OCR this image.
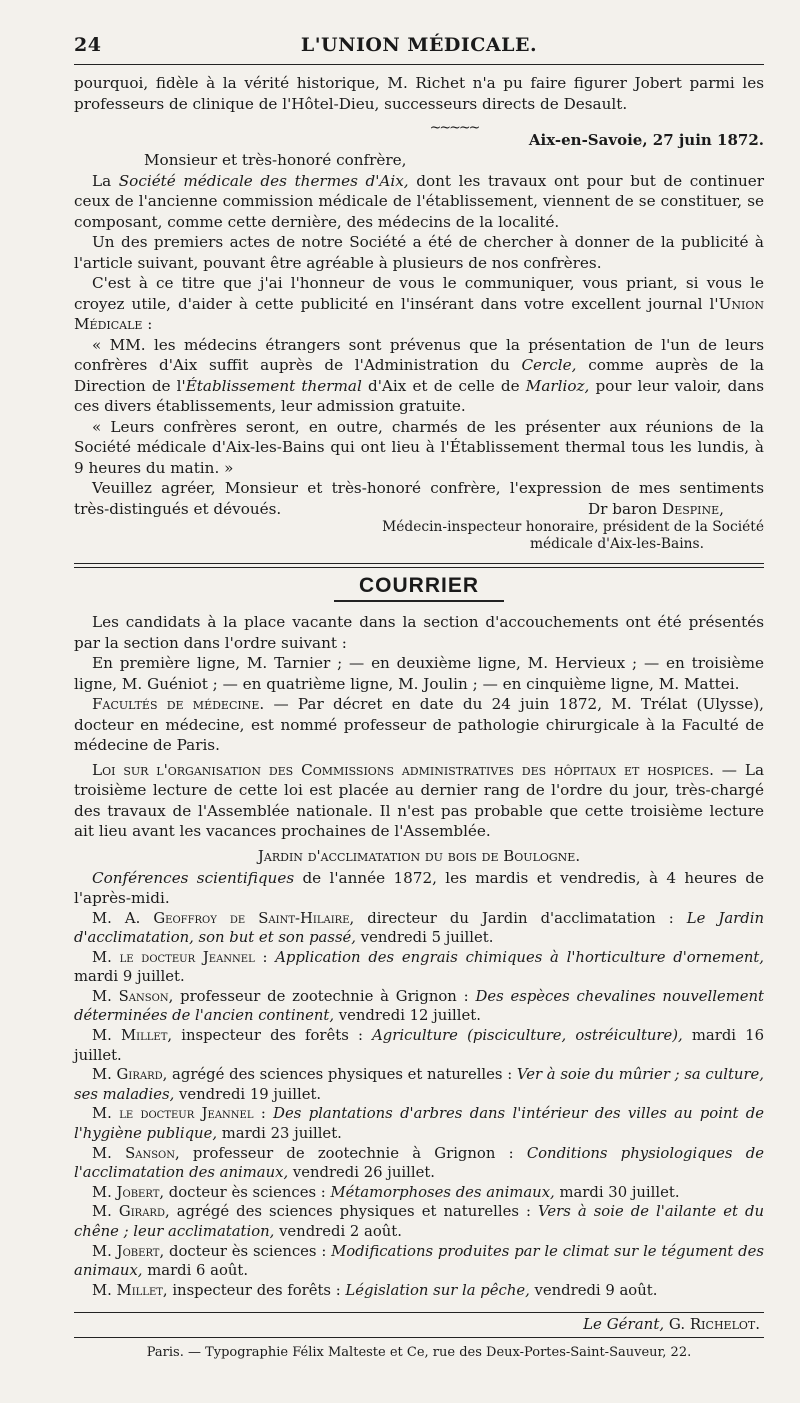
24	L'UNION MÉDICALE.

pourquoi, fidèle à la vérité historique, M. Richet n'a pu faire figurer Jobert parmi les professeurs de clinique de l'Hôtel-Dieu, successeurs directs de Desault.

~~~~~
Aix-en-Savoie, 27 juin 1872.
Monsieur et très-honoré confrère,

La Société médicale des thermes d'Aix, dont les travaux ont pour but de continuer ceux de l'ancienne commission médicale de l'établissement, viennent de se constituer, se composant, comme cette dernière, des médecins de la localité.

Un des premiers actes de notre Société a été de chercher à donner de la publicité à l'article suivant, pouvant être agréable à plusieurs de nos confrères.

C'est à ce titre que j'ai l'honneur de vous le communiquer, vous priant, si vous le croyez utile, d'aider à cette publicité en l'insérant dans votre excellent journal l'Union Médicale :

« MM. les médecins étrangers sont prévenus que la présentation de l'un de leurs confrères d'Aix suffit auprès de l'Administration du Cercle, comme auprès de la Direction de l'Établissement thermal d'Aix et de celle de Marlioz, pour leur valoir, dans ces divers établissements, leur admission gratuite.

« Leurs confrères seront, en outre, charmés de les présenter aux réunions de la Société médicale d'Aix-les-Bains qui ont lieu à l'Établissement thermal tous les lundis, à 9 heures du matin. »

Veuillez agréer, Monsieur et très-honoré confrère, l'expression de mes sentiments très-distingués et dévoués.	Dr baron Despine,
Médecin-inspecteur honoraire, président de la Société
médicale d'Aix-les-Bains.
COURRIER

Les candidats à la place vacante dans la section d'accouchements ont été présentés par la section dans l'ordre suivant :

En première ligne, M. Tarnier ; — en deuxième ligne, M. Hervieux ; — en troisième ligne, M. Guéniot ; — en quatrième ligne, M. Joulin ; — en cinquième ligne, M. Mattei.

Facultés de médecine. — Par décret en date du 24 juin 1872, M. Trélat (Ulysse), docteur en médecine, est nommé professeur de pathologie chirurgicale à la Faculté de médecine de Paris.

Loi sur l'organisation des Commissions administratives des hôpitaux et hospices. — La troisième lecture de cette loi est placée au dernier rang de l'ordre du jour, très-chargé des travaux de l'Assemblée nationale. Il n'est pas probable que cette troisième lecture ait lieu avant les vacances prochaines de l'Assemblée.

Jardin d'acclimatation du bois de Boulogne.

Conférences scientifiques de l'année 1872, les mardis et vendredis, à 4 heures de l'après-midi.

M. A. Geoffroy de Saint-Hilaire, directeur du Jardin d'acclimatation : Le Jardin d'acclimatation, son but et son passé, vendredi 5 juillet.

M. le docteur Jeannel : Application des engrais chimiques à l'horticulture d'ornement, mardi 9 juillet.

M. Sanson, professeur de zootechnie à Grignon : Des espèces chevalines nouvellement déterminées de l'ancien continent, vendredi 12 juillet.

M. Millet, inspecteur des forêts : Agriculture (pisciculture, ostréiculture), mardi 16 juillet.

M. Girard, agrégé des sciences physiques et naturelles : Ver à soie du mûrier ; sa culture, ses maladies, vendredi 19 juillet.

M. le docteur Jeannel : Des plantations d'arbres dans l'intérieur des villes au point de l'hygiène publique, mardi 23 juillet.

M. Sanson, professeur de zootechnie à Grignon : Conditions physiologiques de l'acclimatation des animaux, vendredi 26 juillet.

M. Jobert, docteur ès sciences : Métamorphoses des animaux, mardi 30 juillet.

M. Girard, agrégé des sciences physiques et naturelles : Vers à soie de l'ailante et du chêne ; leur acclimatation, vendredi 2 août.

M. Jobert, docteur ès sciences : Modifications produites par le climat sur le tégument des animaux, mardi 6 août.

M. Millet, inspecteur des forêts : Législation sur la pêche, vendredi 9 août.

Le Gérant, G. Richelot.
Paris. — Typographie Félix Malteste et Ce, rue des Deux-Portes-Saint-Sauveur, 22.
